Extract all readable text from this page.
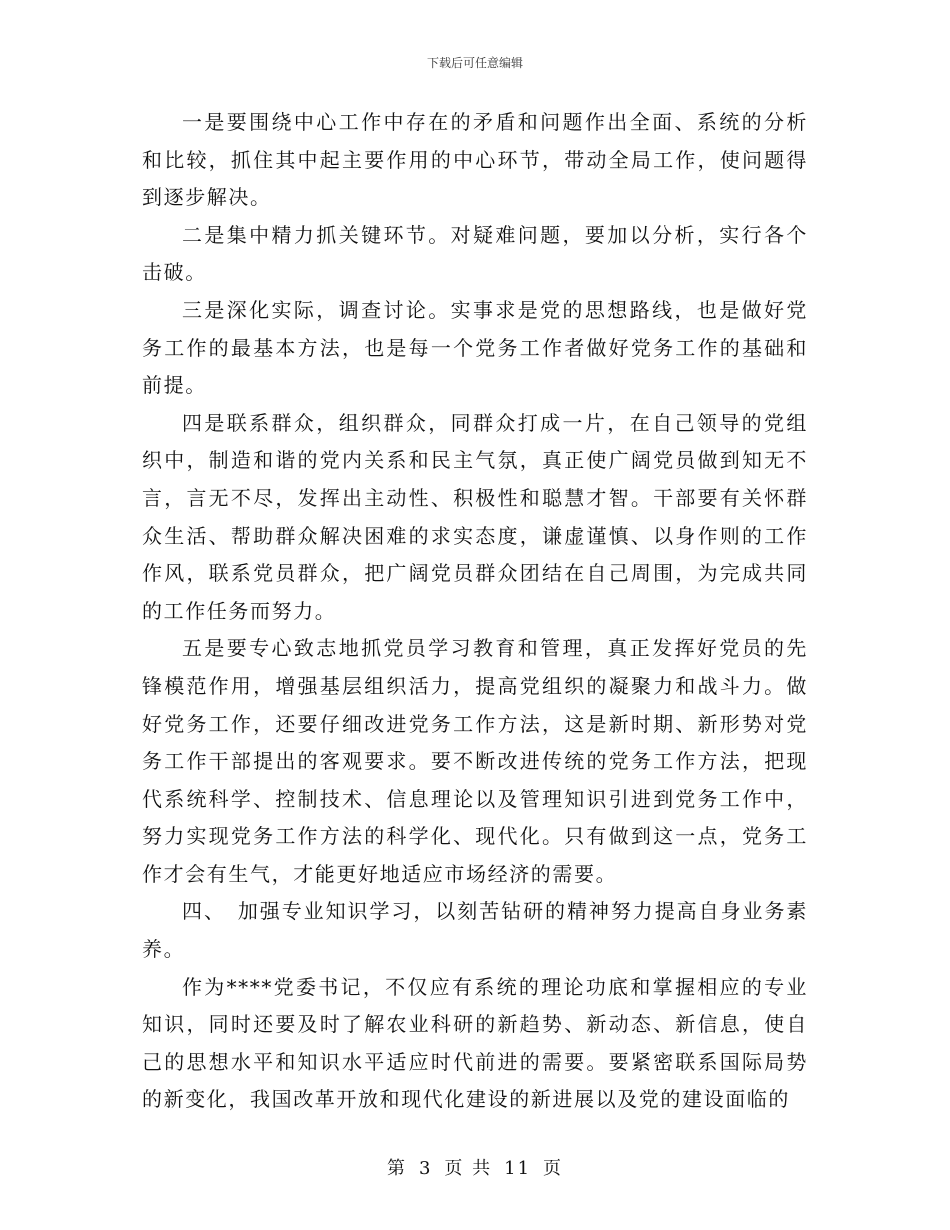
下载后可任意编辑

一是要围绕中心工作中存在的矛盾和问题作出全面、系统的分析和比较，抓住其中起主要作用的中心环节，带动全局工作，使问题得到逐步解决。

二是集中精力抓关键环节。对疑难问题，要加以分析，实行各个击破。

三是深化实际，调查讨论。实事求是党的思想路线，也是做好党务工作的最基本方法，也是每一个党务工作者做好党务工作的基础和前提。

四是联系群众，组织群众，同群众打成一片，在自己领导的党组织中，制造和谐的党内关系和民主气氛，真正使广阔党员做到知无不言，言无不尽，发挥出主动性、积极性和聪慧才智。干部要有关怀群众生活、帮助群众解决困难的求实态度，谦虚谨慎、以身作则的工作作风，联系党员群众，把广阔党员群众团结在自己周围，为完成共同的工作任务而努力。

五是要专心致志地抓党员学习教育和管理，真正发挥好党员的先锋模范作用，增强基层组织活力，提高党组织的凝聚力和战斗力。做好党务工作，还要仔细改进党务工作方法，这是新时期、新形势对党务工作干部提出的客观要求。要不断改进传统的党务工作方法，把现代系统科学、控制技术、信息理论以及管理知识引进到党务工作中，努力实现党务工作方法的科学化、现代化。只有做到这一点，党务工作才会有生气，才能更好地适应市场经济的需要。

四、　加强专业知识学习，以刻苦钻研的精神努力提高自身业务素养。

作为****党委书记，不仅应有系统的理论功底和掌握相应的专业知识，同时还要及时了解农业科研的新趋势、新动态、新信息，使自己的思想水平和知识水平适应时代前进的需要。要紧密联系国际局势的新变化，我国改革开放和现代化建设的新进展以及党的建设面临的

第 3 页 共 11 页
